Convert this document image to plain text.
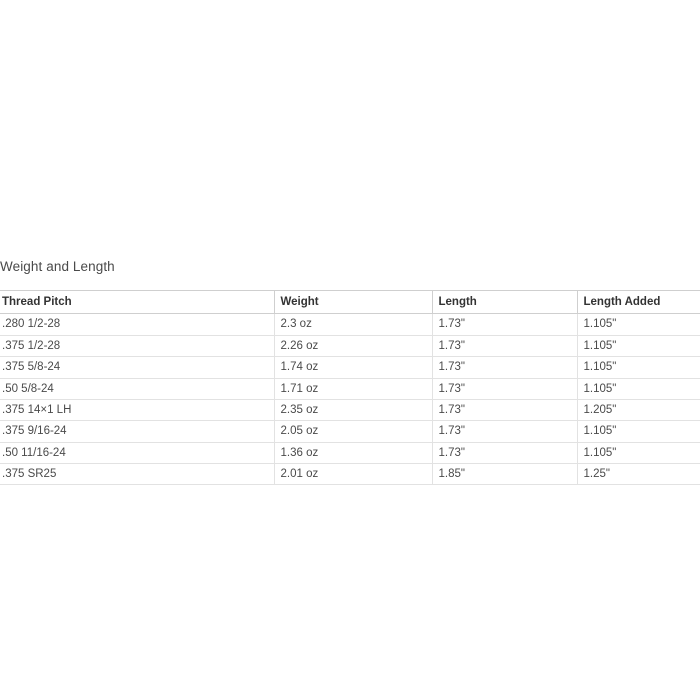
Weight and Length
Thread Pitch	Weight	Length	Length Added
.280 1/2-28	2.3 oz	1.73"	1.105"
.375 1/2-28	2.26 oz	1.73"	1.105"
.375 5/8-24	1.74 oz	1.73"	1.105"
.50 5/8-24	1.71 oz	1.73"	1.105"
.375 14×1 LH	2.35 oz	1.73"	1.205"
.375 9/16-24	2.05 oz	1.73"	1.105"
.50 11/16-24	1.36 oz	1.73"	1.105"
.375 SR25	2.01 oz	1.85"	1.25"
